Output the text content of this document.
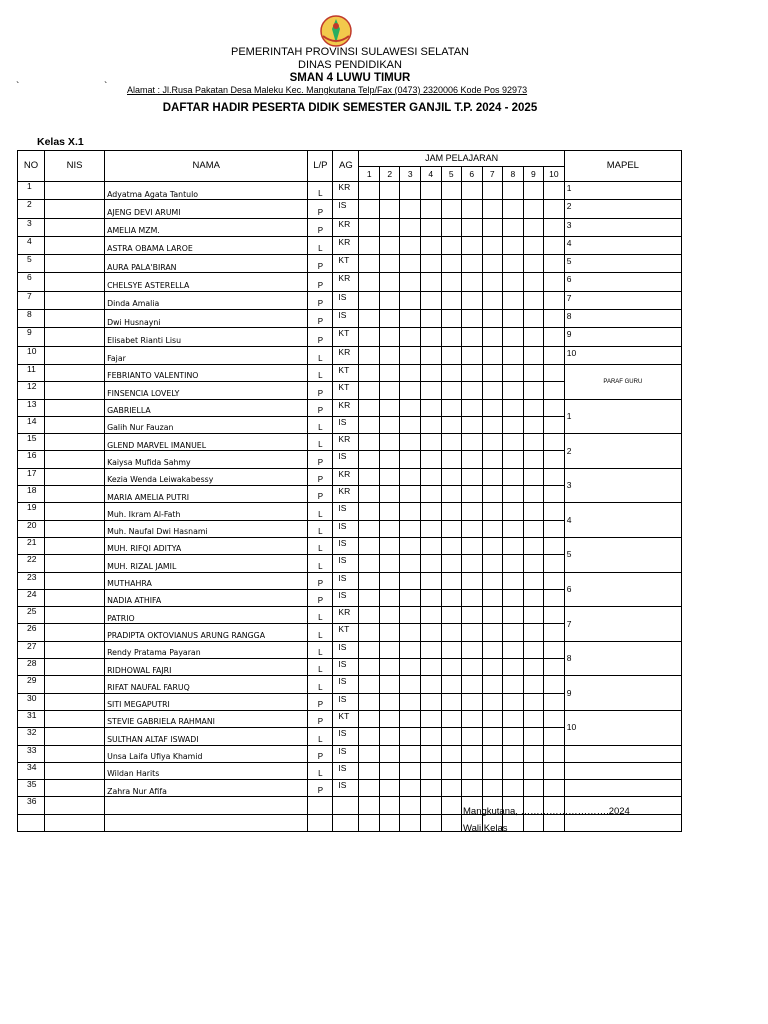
PEMERINTAH PROVINSI SULAWESI SELATAN
DINAS PENDIDIKAN
SMAN 4 LUWU TIMUR
`	` Alamat : Jl.Rusa Pakatan Desa Maleku Kec. Mangkutana Telp/Fax (0473) 2320006 Kode Pos 92973
DAFTAR HADIR PESERTA DIDIK SEMESTER GANJIL T.P. 2024 - 2025
Kelas X.1
NO	NIS	NAMA	L/P	AG	JAM PELAJARAN										MAPEL
					1	2	3	4	5	6	7	8	9	10	
1		Adyatma Agata Tantulo	L	KR											1
2		AJENG DEVI ARUMI	P	IS											2
3		AMELIA MZM.	P	KR											3
4		ASTRA OBAMA LAROE	L	KR											4
5		AURA PALA'BIRAN	P	KT											5
6		CHELSYE ASTERELLA	P	KR											6
7		Dinda Amalia	P	IS											7
8		Dwi Husnayni	P	IS											8
9		Elisabet Rianti Lisu	P	KT											9
10		Fajar	L	KR											10
11		FEBRIANTO VALENTINO	L	KT											PARAF GURU
12		FINSENCIA LOVELY	P	KT											
13		GABRIELLA	P	KR											1
14		Galih Nur Fauzan	L	IS											
15		GLEND MARVEL IMANUEL	L	KR											2
16		Kaiysa Mufida Sahmy	P	IS											
17		Kezia Wenda Leiwakabessy	P	KR											3
18		MARIA AMELIA PUTRI	P	KR											
19		Muh. Ikram Al-Fath	L	IS											4
20		Muh. Naufal Dwi Hasnami	L	IS											
21		MUH. RIFQI ADITYA	L	IS											5
22		MUH. RIZAL JAMIL	L	IS											
23		MUTHAHRA	P	IS											6
24		NADIA ATHIFA	P	IS											
25		PATRIO	L	KR											7
26		PRADIPTA OKTOVIANUS ARUNG RANGGA	L	KT											
27		Rendy Pratama Payaran	L	IS											8
28		RIDHOWAL FAJRI	L	IS											
29		RIFAT NAUFAL FARUQ	L	IS											9
30		SITI MEGAPUTRI	P	IS											
31		STEVIE GABRIELA RAHMANI	P	KT											10
32		SULTHAN ALTAF ISWADI	L	IS											
33		Unsa Laifa Ufiya Khamid	P	IS											
34		Wildan Harits	L	IS											
35		Zahra Nur Afifa	P	IS											
36															

Mangkutana, ……………………….2024
Wali Kelas
